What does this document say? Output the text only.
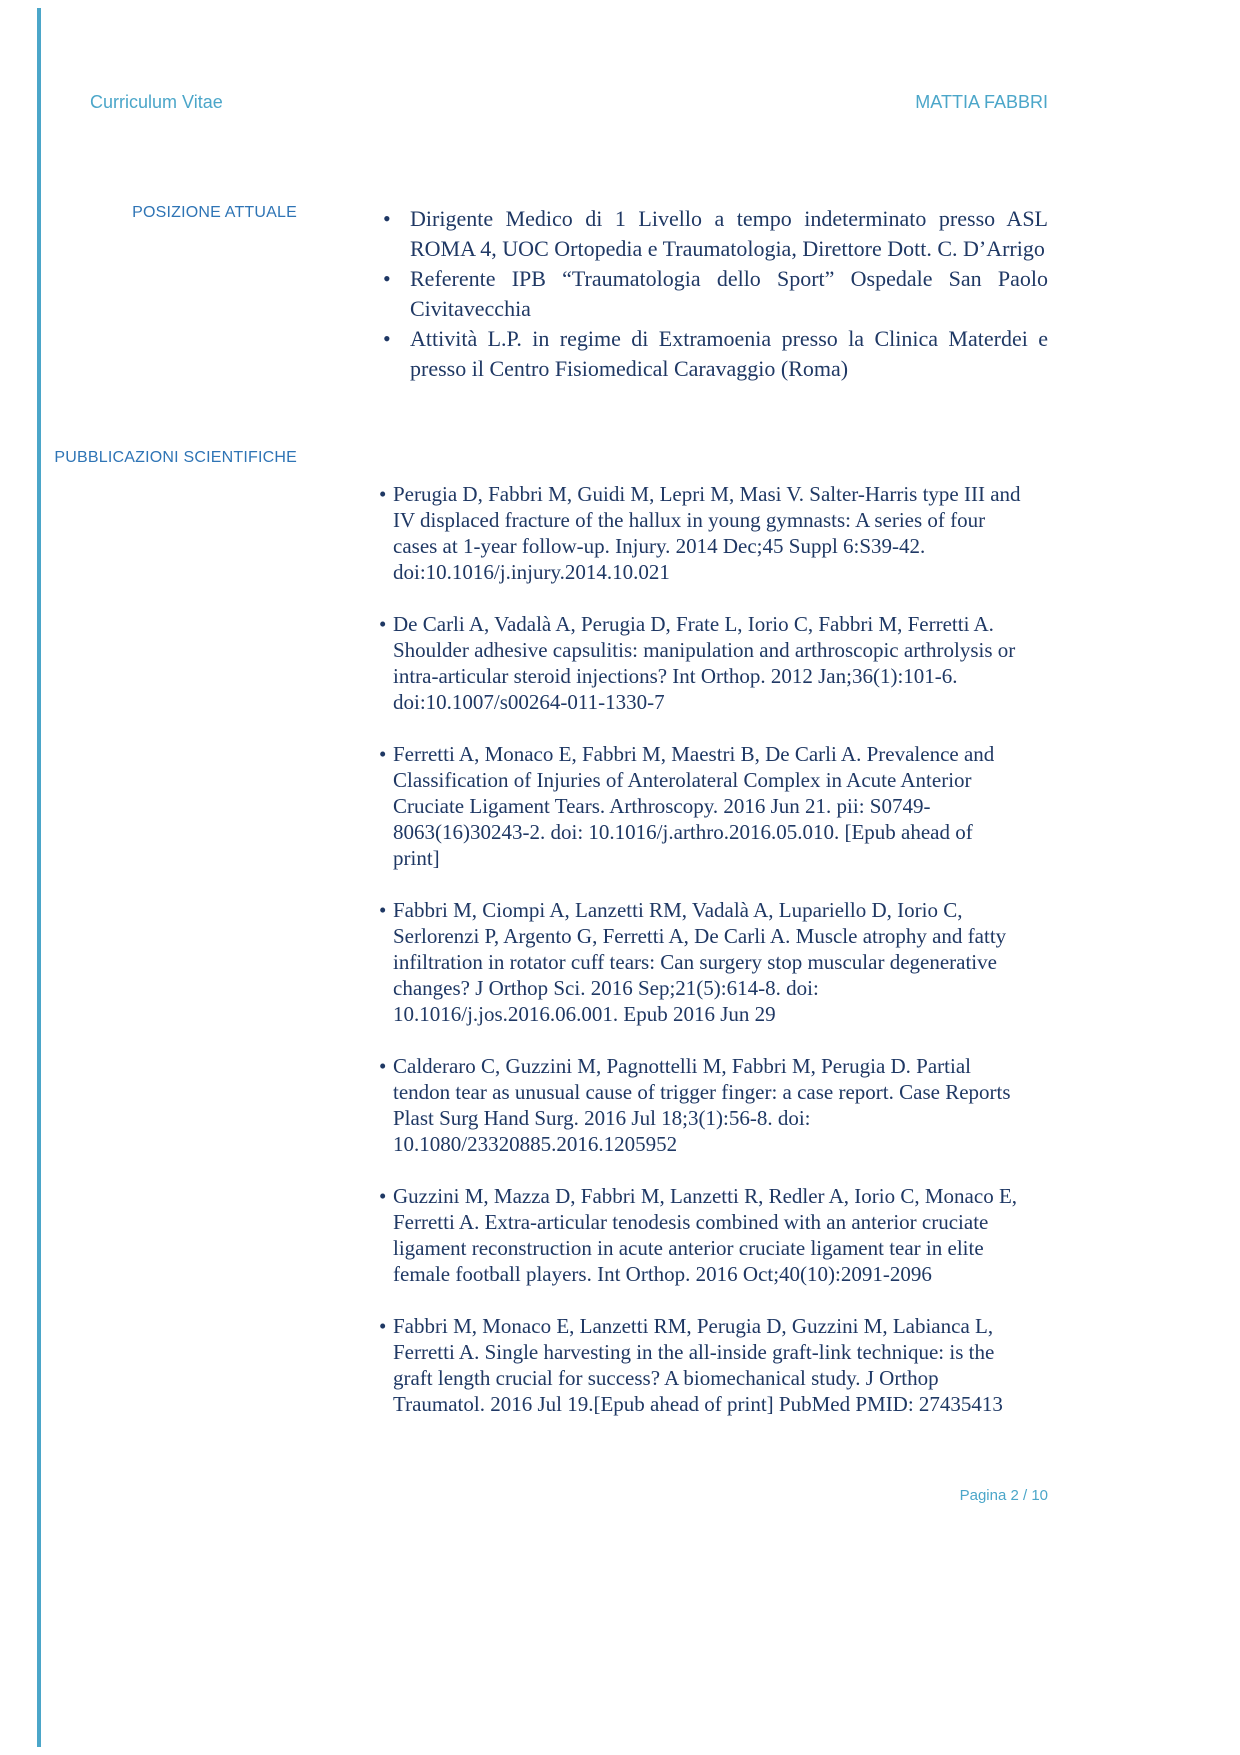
Curriculum Vitae	MATTIA FABBRI
POSIZIONE ATTUALE	• Dirigente Medico di 1 Livello a tempo indeterminato presso ASL ROMA 4, UOC Ortopedia e Traumatologia, Direttore Dott. C. D’Arrigo
• Referente IPB “Traumatologia dello Sport” Ospedale San Paolo Civitavecchia
• Attività L.P. in regime di Extramoenia presso la Clinica Materdei e presso il Centro Fisiomedical Caravaggio (Roma)
PUBBLICAZIONI SCIENTIFICHE
• Perugia D, Fabbri M, Guidi M, Lepri M, Masi V. Salter-Harris type III and IV displaced fracture of the hallux in young gymnasts: A series of four cases at 1-year follow-up. Injury. 2014 Dec;45 Suppl 6:S39-42. doi:10.1016/j.injury.2014.10.021
• De Carli A, Vadalà A, Perugia D, Frate L, Iorio C, Fabbri M, Ferretti A. Shoulder adhesive capsulitis: manipulation and arthroscopic arthrolysis or intra-articular steroid injections? Int Orthop. 2012 Jan;36(1):101-6. doi:10.1007/s00264-011-1330-7
• Ferretti A, Monaco E, Fabbri M, Maestri B, De Carli A. Prevalence and Classification of Injuries of Anterolateral Complex in Acute Anterior Cruciate Ligament Tears. Arthroscopy. 2016 Jun 21. pii: S0749-8063(16)30243-2. doi: 10.1016/j.arthro.2016.05.010. [Epub ahead of print]
• Fabbri M, Ciompi A, Lanzetti RM, Vadalà A, Lupariello D, Iorio C, Serlorenzi P, Argento G, Ferretti A, De Carli A. Muscle atrophy and fatty infiltration in rotator cuff tears: Can surgery stop muscular degenerative changes? J Orthop Sci. 2016 Sep;21(5):614-8. doi: 10.1016/j.jos.2016.06.001. Epub 2016 Jun 29
• Calderaro C, Guzzini M, Pagnottelli M, Fabbri M, Perugia D. Partial tendon tear as unusual cause of trigger finger: a case report. Case Reports Plast Surg Hand Surg. 2016 Jul 18;3(1):56-8. doi: 10.1080/23320885.2016.1205952
• Guzzini M, Mazza D, Fabbri M, Lanzetti R, Redler A, Iorio C, Monaco E, Ferretti A. Extra-articular tenodesis combined with an anterior cruciate ligament reconstruction in acute anterior cruciate ligament tear in elite female football players. Int Orthop. 2016 Oct;40(10):2091-2096
• Fabbri M, Monaco E, Lanzetti RM, Perugia D, Guzzini M, Labianca L, Ferretti A. Single harvesting in the all-inside graft-link technique: is the graft length crucial for success? A biomechanical study. J Orthop Traumatol. 2016 Jul 19.[Epub ahead of print] PubMed PMID: 27435413
Pagina 2 / 10
